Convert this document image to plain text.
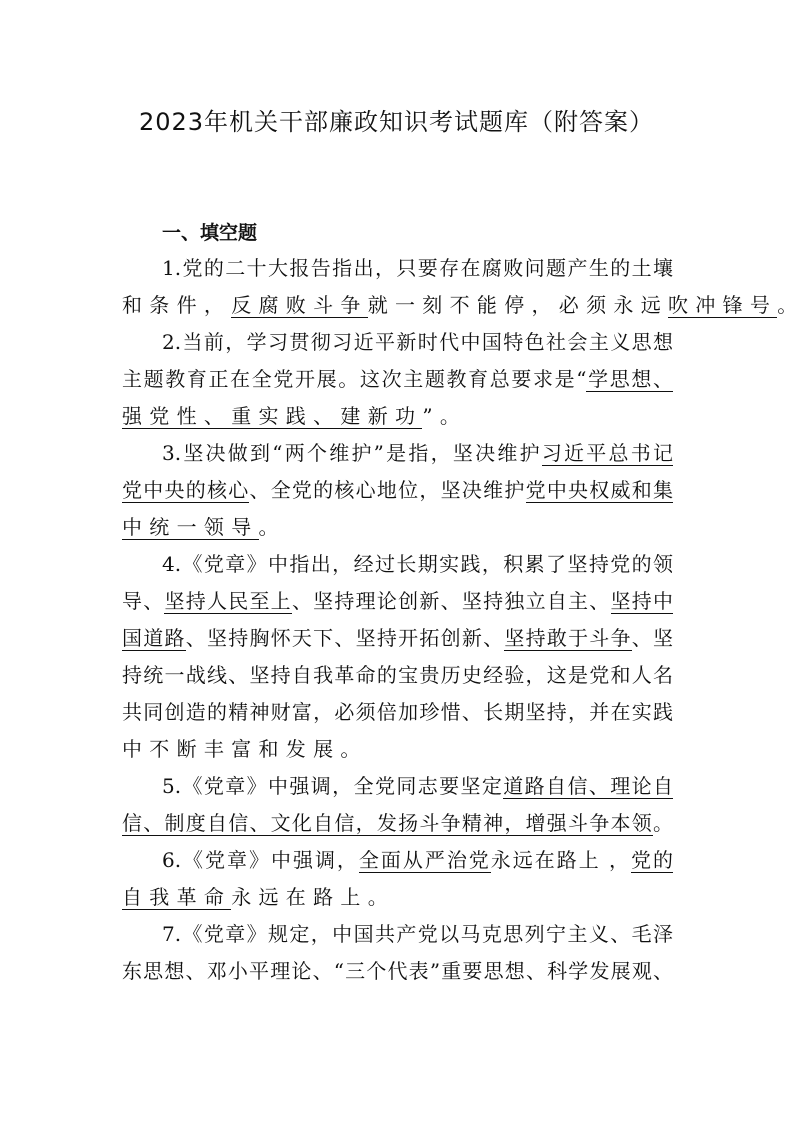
2023年机关干部廉政知识考试题库（附答案）
一、填空题
1.党的二十大报告指出，只要存在腐败问题产生的土壤
和条件，反腐败斗争就一刻不能停，必须永远吹冲锋号。
2.当前，学习贯彻习近平新时代中国特色社会主义思想
主题教育正在全党开展。这次主题教育总要求是“学思想、
强党性、重实践、建新功”。
3.坚决做到“两个维护”是指，坚决维护习近平总书记
党中央的核心、全党的核心地位，坚决维护党中央权威和集
中统一领导。
4.《党章》中指出，经过长期实践，积累了坚持党的领
导、坚持人民至上、坚持理论创新、坚持独立自主、坚持中
国道路、坚持胸怀天下、坚持开拓创新、坚持敢于斗争、坚
持统一战线、坚持自我革命的宝贵历史经验，这是党和人名
共同创造的精神财富，必须倍加珍惜、长期坚持，并在实践
中不断丰富和发展。
5.《党章》中强调，全党同志要坚定道路自信、理论自
信、制度自信、文化自信，发扬斗争精神，增强斗争本领。
6.《党章》中强调，全面从严治党永远在路上 ，党的
自我革命永远在路上。
7.《党章》规定，中国共产党以马克思列宁主义、毛泽
东思想、邓小平理论、“三个代表”重要思想、科学发展观、
